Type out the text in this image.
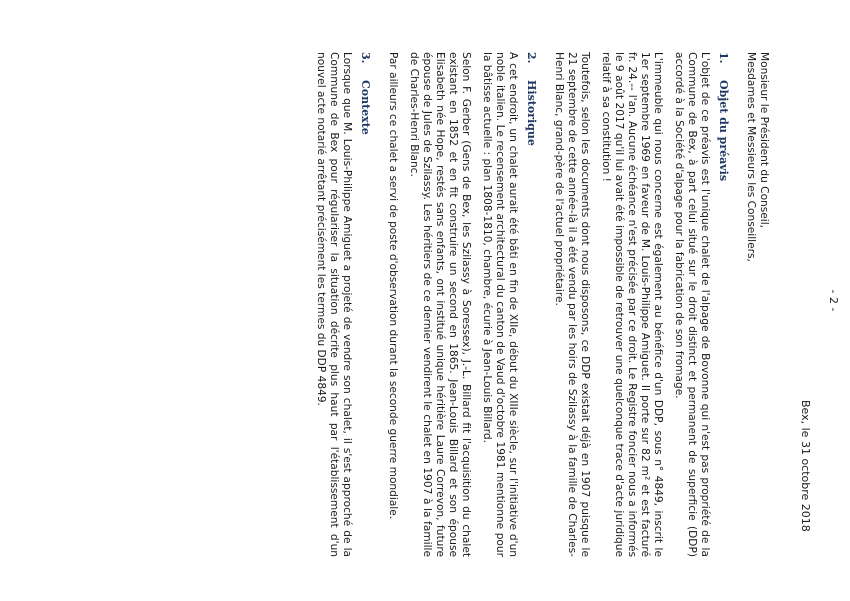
- 2 -
Bex, le 31 octobre 2018

Monsieur le Président du Conseil,
Mesdames et Messieurs les Conseillers,

1.
Objet du préavis

L'objet de ce préavis est l'unique chalet de l'alpage de Bovonne qui n'est pas propriété de la Commune de Bex, à part celui situé sur le droit distinct et permanent de superficie (DDP) accordé à la Société d'alpage pour la fabrication de son fromage.

L'immeuble qui nous concerne est également au bénéfice d'un DDP, sous n° 4849, inscrit le 1er septembre 1969 en faveur de M. Louis-Philippe Amiguet. Il porte sur 82 m² et est facturé fr. 24.-- l'an. Aucune échéance n'est précisée par ce droit. Le Registre foncier nous a informés le 9 août 2017 qu'il lui avait été impossible de retrouver une quelconque trace d'acte juridique relatif à sa constitution !

Toutefois, selon les documents dont nous disposons, ce DDP existait déjà en 1907 puisque le 21 septembre de cette année-là il a été vendu par les hoirs de Szilassy à la famille de Charles-Henri Blanc, grand-père de l'actuel propriétaire.

2.
Historique

A cet endroit, un chalet aurait été bâti en fin de XIIe, début du XIIIe siècle, sur l'initiative d'un noble italien. Le recensement architectural du canton de Vaud d'octobre 1981 mentionne pour la bâtisse actuelle : plan 1808-1810, chambre, écurie à Jean-Louis Billard.

Selon F. Gerber (Gens de Bex, les Szilassy à Soressex), J.-L. Billard fit l'acquisition du chalet existant en 1852 et en fit construire un second en 1865. Jean-Louis Billard et son épouse Elisabeth née Hope, restés sans enfants, ont institué unique héritière Laure Correvon, future épouse de Jules de Szilassy. Les héritiers de ce dernier vendirent le chalet en 1907 à la famille de Charles-Henri Blanc.

Par ailleurs ce chalet a servi de poste d'observation durant la seconde guerre mondiale.

3.
Contexte

Lorsque que M. Louis-Philippe Amiguet a projeté de vendre son chalet, il s'est approché de la Commune de Bex pour régulariser la situation décrite plus haut par l'établissement d'un nouvel acte notarié arrêtant précisément les termes du DDP 4849.
